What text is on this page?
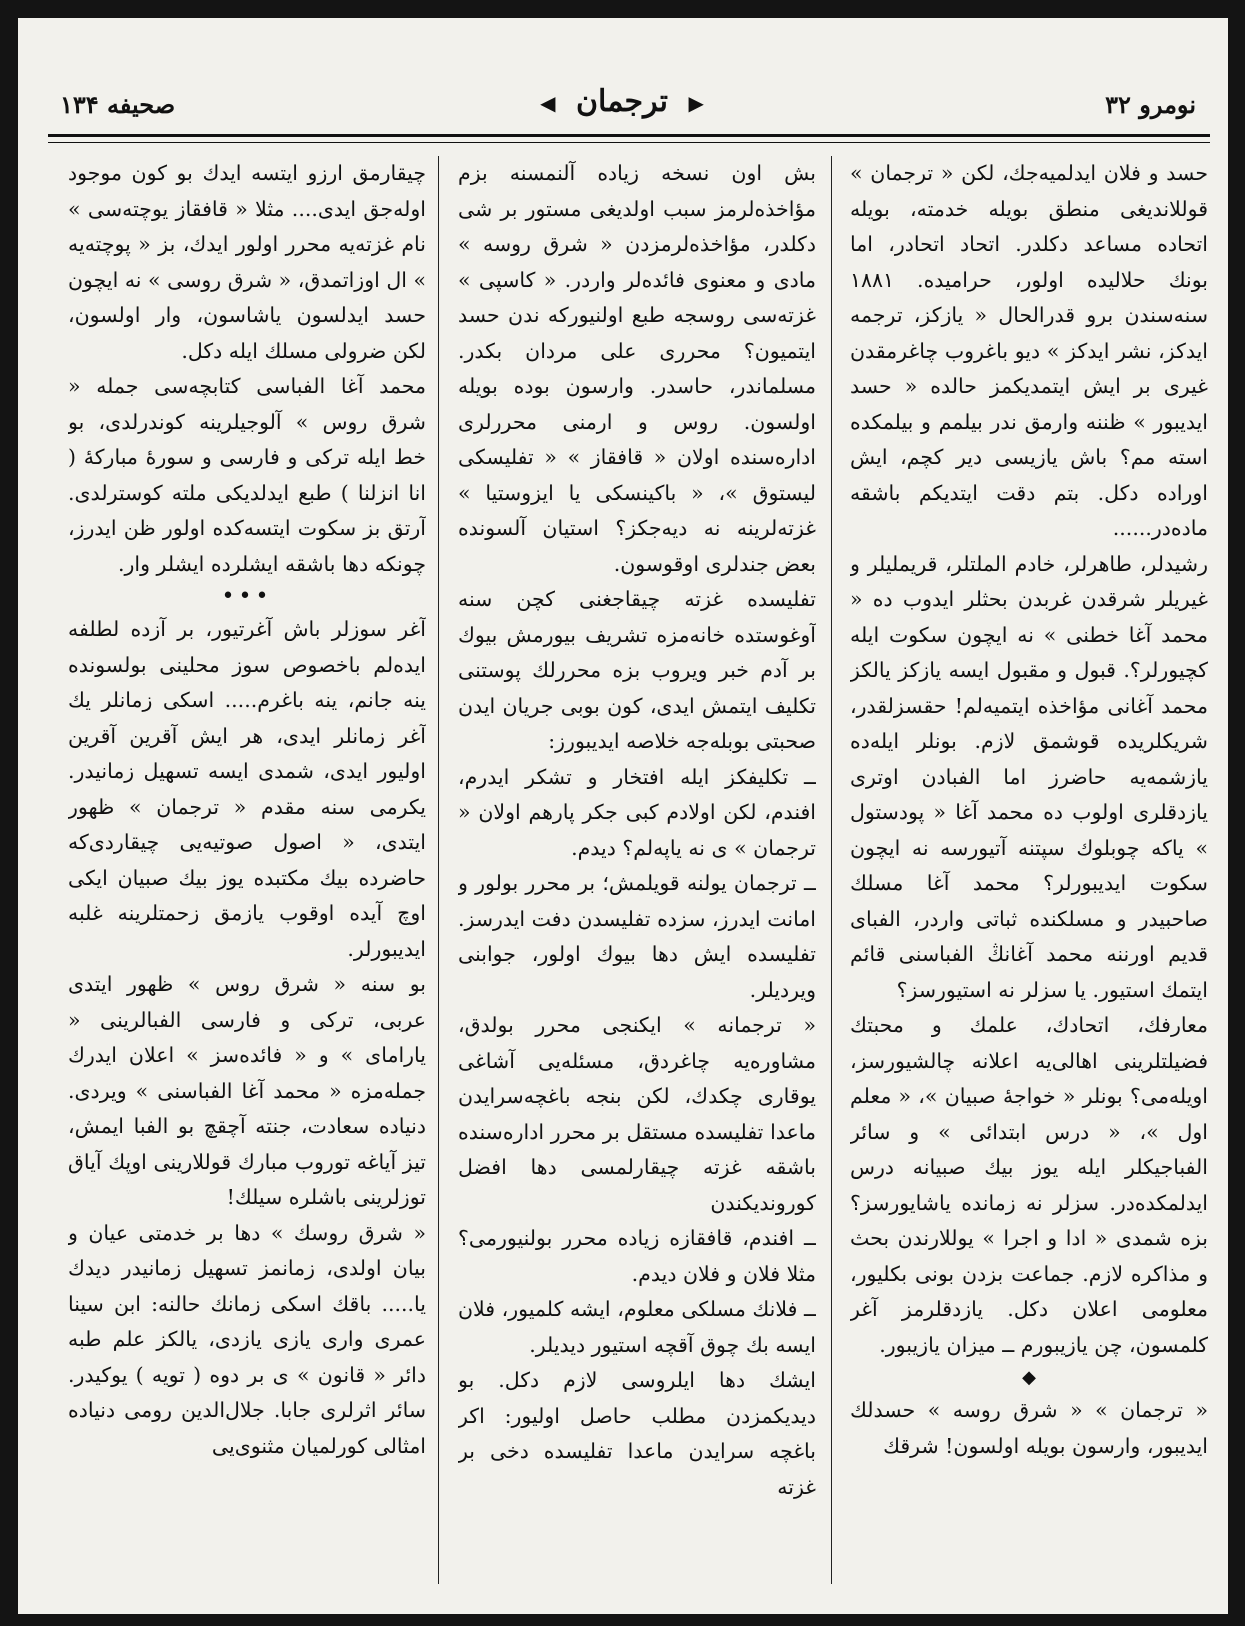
نومرو ۳۲
▶ ترجمان ◀
صحیفه ۱۳۴

حسد و فلان ایدلمیه‌جك، لكن « ترجمان » قوللاندیغی منطق بویله خدمته، بویله اتحاده مساعد دكلدر. اتحاد اتحادر، اما بونك حلالیده اولور، حرامیده. ۱۸۸۱ سنه‌سندن برو قدرالحال « یازكز، ترجمه ایدكز، نشر ایدكز » دیو باغروب چاغرمقدن غیری بر ایش ایتمدیكمز حالده « حسد ایدیبور » ظننه وارمق ندر بیلمم و بیلمكده استه مم؟ باش یازیسی دیر كچم، ایش اوراده دكل. بتم دقت ایتدیكم باشقه ماده‌در......

رشیدلر، طاهرلر، خادم الملتلر، قریمليلر و غیریلر شرقدن غربدن بحثلر ایدوب ده « محمد آغا خطنی » نه ایچون سكوت ایله كچیورلر؟. قبول و مقبول ایسه یازكز یالكز محمد آغانی مؤاخذه ایتمیه‌لم! حقسزلقدر، شریكلریده قوشمق لازم. بونلر ایله‌ده یازشمه‌یه حاضرز اما الفبادن اوتری یازدقلری اولوب ده محمد آغا « پودستول » یاكه چوبلوك سپتنه آتیورسه نه ایچون سكوت ایدیبورلر؟ محمد آغا مسلك صاحبیدر و مسلكنده ثباتی واردر، الفبای قدیم اورننه محمد آغانڭ الفباسنی قائم ایتمك استیور. یا سزلر نه استیورسز؟

معارفك، اتحادك، علمك و محبتك فضیلتلرینی اهالی‌یه اعلانه چالشیورسز، اویله‌می؟ بونلر « خواجهٔ صبیان »، « معلم اول »، « درس ابتدائی » و سائر الفباجیكلر ایله یوز بیك صبیانه درس ایدلمكده‌در. سزلر نه زمانده یاشایورسز؟ بزه شمدی « ادا و اجرا » یوللارندن بحث و مذاكره لازم. جماعت بزدن بونی بكلیور، معلومی اعلان دكل. یازدقلرمز آغر كلمسون، چن یازیبورم ــ میزان یازیبور.

◆

« ترجمان » « شرق روسه » حسدلك ایدیبور، وارسون بویله اولسون! شرقك

بش اون نسخه زیاده آلنمسنه بزم مؤاخذه‌لرمز سبب اولدیغی مستور بر شی دكلدر، مؤاخذه‌لرمزدن « شرق روسه » مادی و معنوی فائده‌لر واردر. « كاسپی » غزته‌سی روسجه طبع اولنیوركه ندن حسد ایتمیون؟ محرری علی مردان بكدر. مسلماندر، حاسدر. وارسون بوده بویله اولسون. روس و ارمنی محررلری اداره‌سنده اولان « قافقاز » « تفلیسكی لیستوق »، « باكینسكی یا ایزوستیا » غزته‌لرینه نه دیه‌جكز؟ استیان آلسونده بعض جندلری اوقوسون.

تفلیسده غزته چیقاجغنی كچن سنه آوغوستده خانه‌مزه تشریف بیورمش بیوك بر آدم خبر ویروب بزه محررلك پوستنی تكلیف ایتمش ایدی، كون بوبی جریان ایدن صحبتی بوبله‌جه خلاصه ایدیبورز:

ــ تكلیفكز ایله افتخار و تشكر ایدرم، افندم، لكن اولادم كبی جكر پارهم اولان « ترجمان » ی نه یاپه‌لم؟ دیدم.

ــ ترجمان یولنه قویلمش؛ بر محرر بولور و امانت ایدرز، سزده تفلیسدن دفت ایدرسز. تفلیسده ایش دها بیوك اولور، جوابنی ویردیلر.

« ترجمانه » ایكنجی محرر بولدق، مشاوره‌یه چاغردق، مسئله‌یی آشاغی یوقاری چكدك، لكن بنجه باغچه‌سرایدن ماعدا تفلیسده مستقل بر محرر اداره‌سنده باشقه غزته چیقارلمسی دها افضل كوروندیكندن

ــ افندم، قافقازه زیاده محرر بولنیورمی؟ مثلا فلان و فلان دیدم.

ــ فلانك مسلكی معلوم، ایشه كلمیور، فلان ایسه بك چوق آقچه استیور دیدیلر.

ایشك دها ایلروسی لازم دكل. بو دیدیكمزدن مطلب حاصل اولیور: اكر باغچه سرایدن ماعدا تفلیسده دخی بر غزته

چیقارمق ارزو ایتسه ایدك بو كون موجود اوله‌جق ایدی.... مثلا « قافقاز یوچته‌سی » نام غزته‌یه محرر اولور ایدك، بز « پوچته‌یه » ال اوزاتمدق، « شرق روسی » نه ایچون حسد ایدلسون یاشاسون، وار اولسون، لكن ضرولی مسلك ایله دكل.

محمد آغا الفباسی كتابچه‌سی جمله « شرق روس » آلوجیلرینه كوندرلدی، بو خط ایله تركی و فارسی و سورهٔ مباركهٔ ( انا انزلنا ) طبع ایدلدیكی ملته كوسترلدی. آرتق بز سكوت ایتسه‌كده اولور ظن ایدرز، چونكه دها باشقه ایشلرده ایشلر وار.

•••

آغر سوزلر باش آغرتیور، بر آزده لطلفه ایده‌لم باخصوص سوز محلینی بولسونده ینه جانم، ینه باغرم..... اسكی زمانلر یك آغر زمانلر ایدی، هر ایش آقرین آقرین اولیور ایدی، شمدی ایسه تسهیل زمانیدر. یكرمی سنه مقدم « ترجمان » ظهور ایتدی، « اصول صوتیه‌یی چیقاردی‌كه حاضرده بیك مكتبده یوز بیك صبیان ایكی اوچ آیده اوقوب یازمق زحمتلرینه غلبه ایدیبورلر.

بو سنه « شرق روس » ظهور ایتدی عربی، تركی و فارسی الفبالرینی « یارامای » و « فائده‌سز » اعلان ایدرك جمله‌مزه « محمد آغا الفباسنی » ویردی. دنیاده سعادت، جنته آچقچ بو الفبا ایمش، تیز آیاغه توروب مبارك قوللارینی اوپك آیاق توزلرینی باشلره سیلك!

« شرق روسك » دها بر خدمتی عیان و بیان اولدی، زمانمز تسهیل زمانیدر دیدك یا..... باقك اسكی زمانك حالنه: ابن سینا عمری واری یازی یازدی، یالكز علم طبه دائر « قانون » ی بر دوه ( تویه ) یوكیدر. سائر اثرلری جابا. جلال‌الدین رومی دنیاده امثالی كورلمیان مثنوی‌یی
